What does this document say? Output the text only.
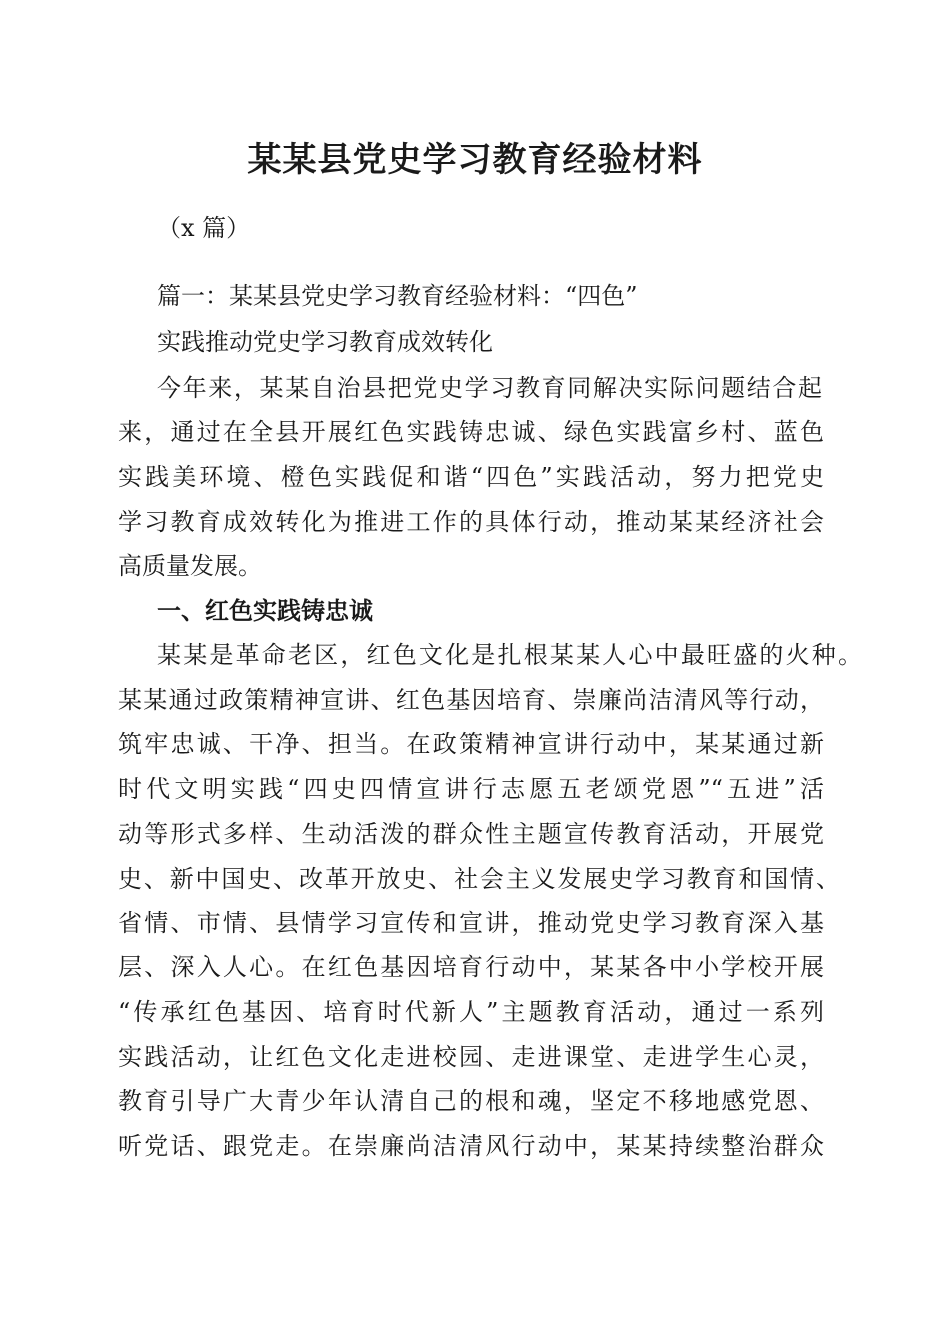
某某县党史学习教育经验材料

（x 篇）

篇一：某某县党史学习教育经验材料：“四色”

实践推动党史学习教育成效转化

今年来，某某自治县把党史学习教育同解决实际问题结合起

来，通过在全县开展红色实践铸忠诚、绿色实践富乡村、蓝色

实践美环境、橙色实践促和谐“四色”实践活动，努力把党史

学习教育成效转化为推进工作的具体行动，推动某某经济社会

高质量发展。

一、红色实践铸忠诚

某某是革命老区，红色文化是扎根某某人心中最旺盛的火种。

某某通过政策精神宣讲、红色基因培育、崇廉尚洁清风等行动，

筑牢忠诚、干净、担当。在政策精神宣讲行动中，某某通过新

时代文明实践“四史四情宣讲行志愿五老颂党恩”“五进”活

动等形式多样、生动活泼的群众性主题宣传教育活动，开展党

史、新中国史、改革开放史、社会主义发展史学习教育和国情、

省情、市情、县情学习宣传和宣讲，推动党史学习教育深入基

层、深入人心。在红色基因培育行动中，某某各中小学校开展

“传承红色基因、培育时代新人”主题教育活动，通过一系列

实践活动，让红色文化走进校园、走进课堂、走进学生心灵，

教育引导广大青少年认清自己的根和魂，坚定不移地感党恩、

听党话、跟党走。在崇廉尚洁清风行动中，某某持续整治群众
